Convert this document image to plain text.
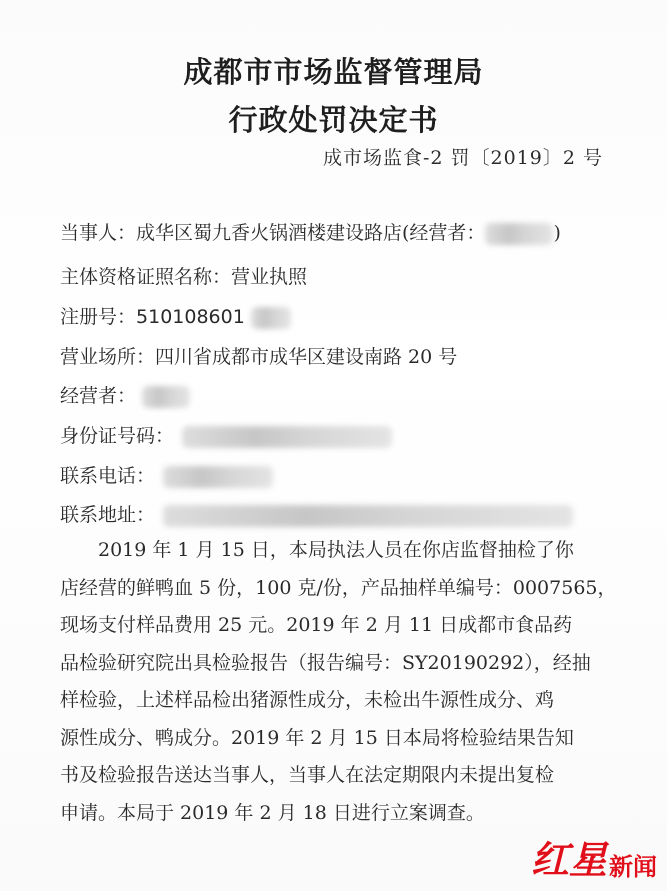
成都市市场监督管理局
行政处罚决定书
成市场监食-2 罚〔2019〕2 号
当事人：成华区蜀九香火锅酒楼建设路店(经营者：	)
主体资格证照名称：营业执照
注册号：510108601
营业场所：四川省成都市成华区建设南路 20 号
经营者：
身份证号码：
联系电话：
联系地址：
2019 年 1 月 15 日，本局执法人员在你店监督抽检了你
店经营的鲜鸭血 5 份，100 克/份，产品抽样单编号：0007565，
现场支付样品费用 25 元。2019 年 2 月 11 日成都市食品药
品检验研究院出具检验报告（报告编号：SY20190292），经抽
样检验，上述样品检出猪源性成分，未检出牛源性成分、鸡
源性成分、鸭成分。2019 年 2 月 15 日本局将检验结果告知
书及检验报告送达当事人，当事人在法定期限内未提出复检
申请。本局于 2019 年 2 月 18 日进行立案调查。
红星 新闻
